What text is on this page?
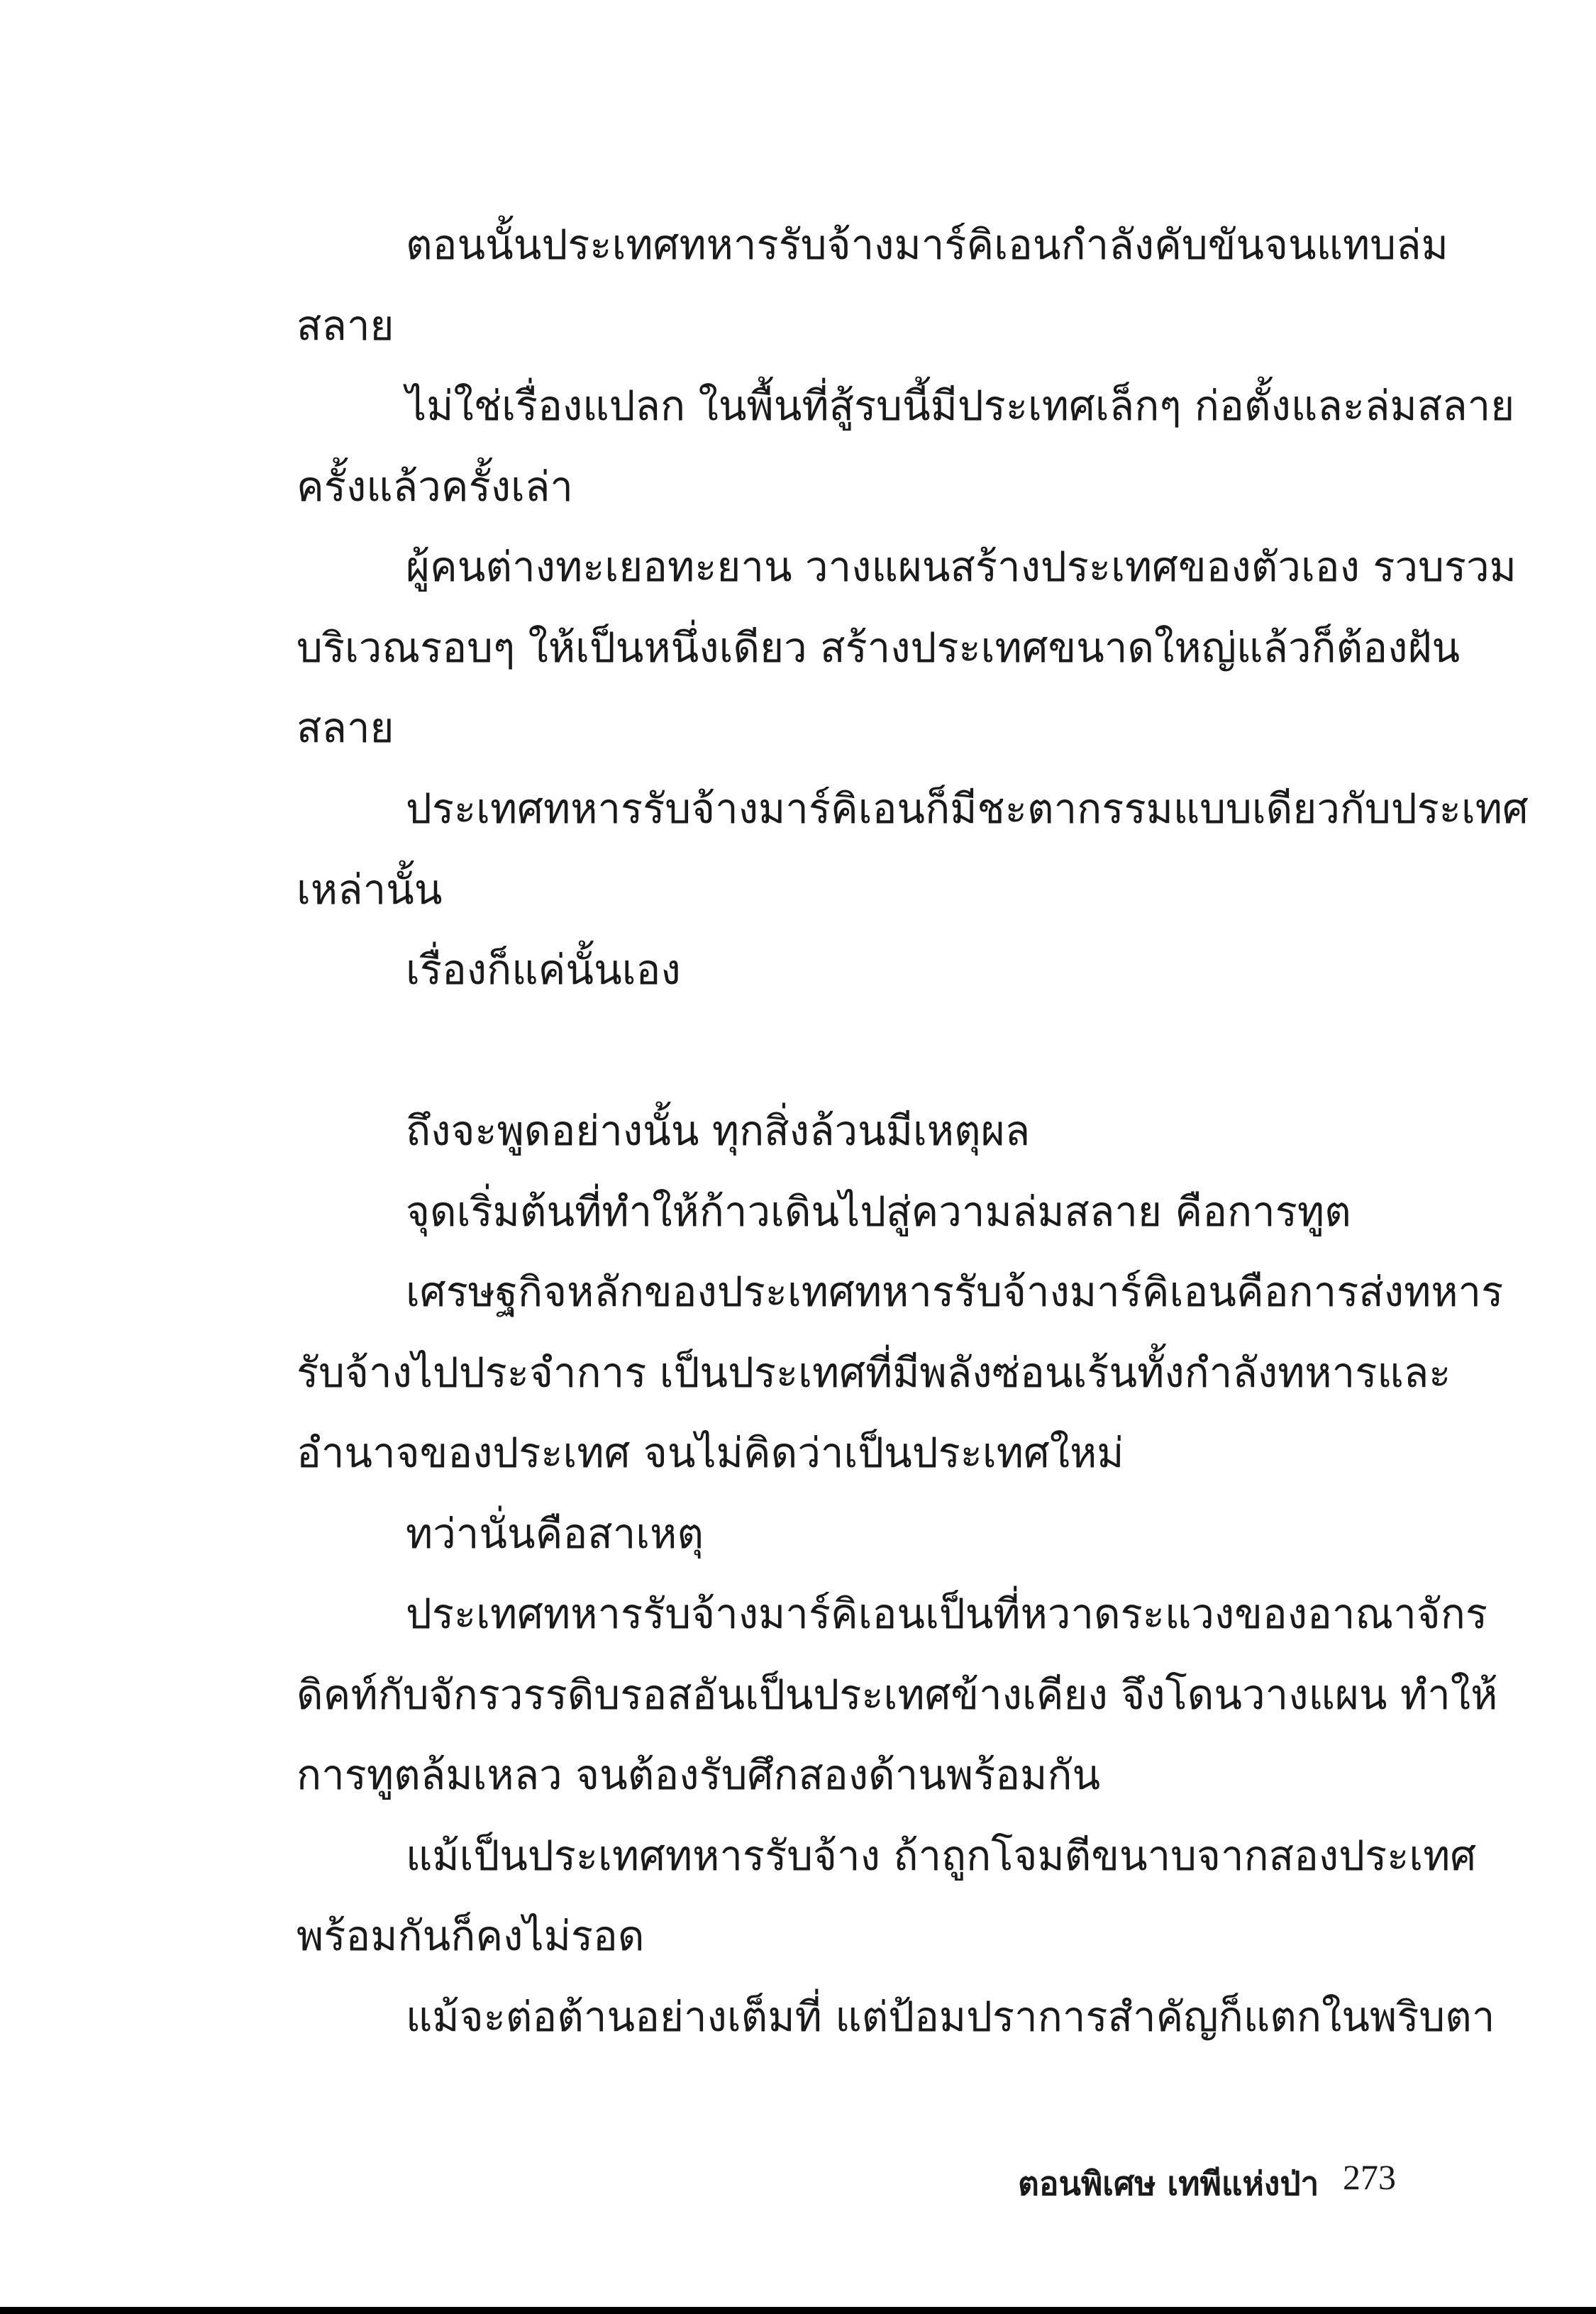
ตอนนั้นประเทศทหารรับจ้างมาร์คิเอนกำลังคับขันจนแทบล่ม
สลาย
ไม่ใช่เรื่องแปลก ในพื้นที่สู้รบนี้มีประเทศเล็กๆ ก่อตั้งและล่มสลาย
ครั้งแล้วครั้งเล่า
ผู้คนต่างทะเยอทะยาน วางแผนสร้างประเทศของตัวเอง รวบรวม
บริเวณรอบๆ ให้เป็นหนึ่งเดียว สร้างประเทศขนาดใหญ่แล้วก็ต้องฝัน
สลาย
ประเทศทหารรับจ้างมาร์คิเอนก็มีชะตากรรมแบบเดียวกับประเทศ
เหล่านั้น
เรื่องก็แค่นั้นเอง
ถึงจะพูดอย่างนั้น ทุกสิ่งล้วนมีเหตุผล
จุดเริ่มต้นที่ทำให้ก้าวเดินไปสู่ความล่มสลาย คือการทูต
เศรษฐกิจหลักของประเทศทหารรับจ้างมาร์คิเอนคือการส่งทหาร
รับจ้างไปประจำการ เป็นประเทศที่มีพลังซ่อนเร้นทั้งกำลังทหารและ
อำนาจของประเทศ จนไม่คิดว่าเป็นประเทศใหม่
ทว่านั่นคือสาเหตุ
ประเทศทหารรับจ้างมาร์คิเอนเป็นที่หวาดระแวงของอาณาจักร
ดิคท์กับจักรวรรดิบรอสอันเป็นประเทศข้างเคียง จึงโดนวางแผน ทำให้
การทูตล้มเหลว จนต้องรับศึกสองด้านพร้อมกัน
แม้เป็นประเทศทหารรับจ้าง ถ้าถูกโจมตีขนาบจากสองประเทศ
พร้อมกันก็คงไม่รอด
แม้จะต่อต้านอย่างเต็มที่ แต่ป้อมปราการสำคัญก็แตกในพริบตา
ตอนพิเศษ เทพีแห่งป่า 273
